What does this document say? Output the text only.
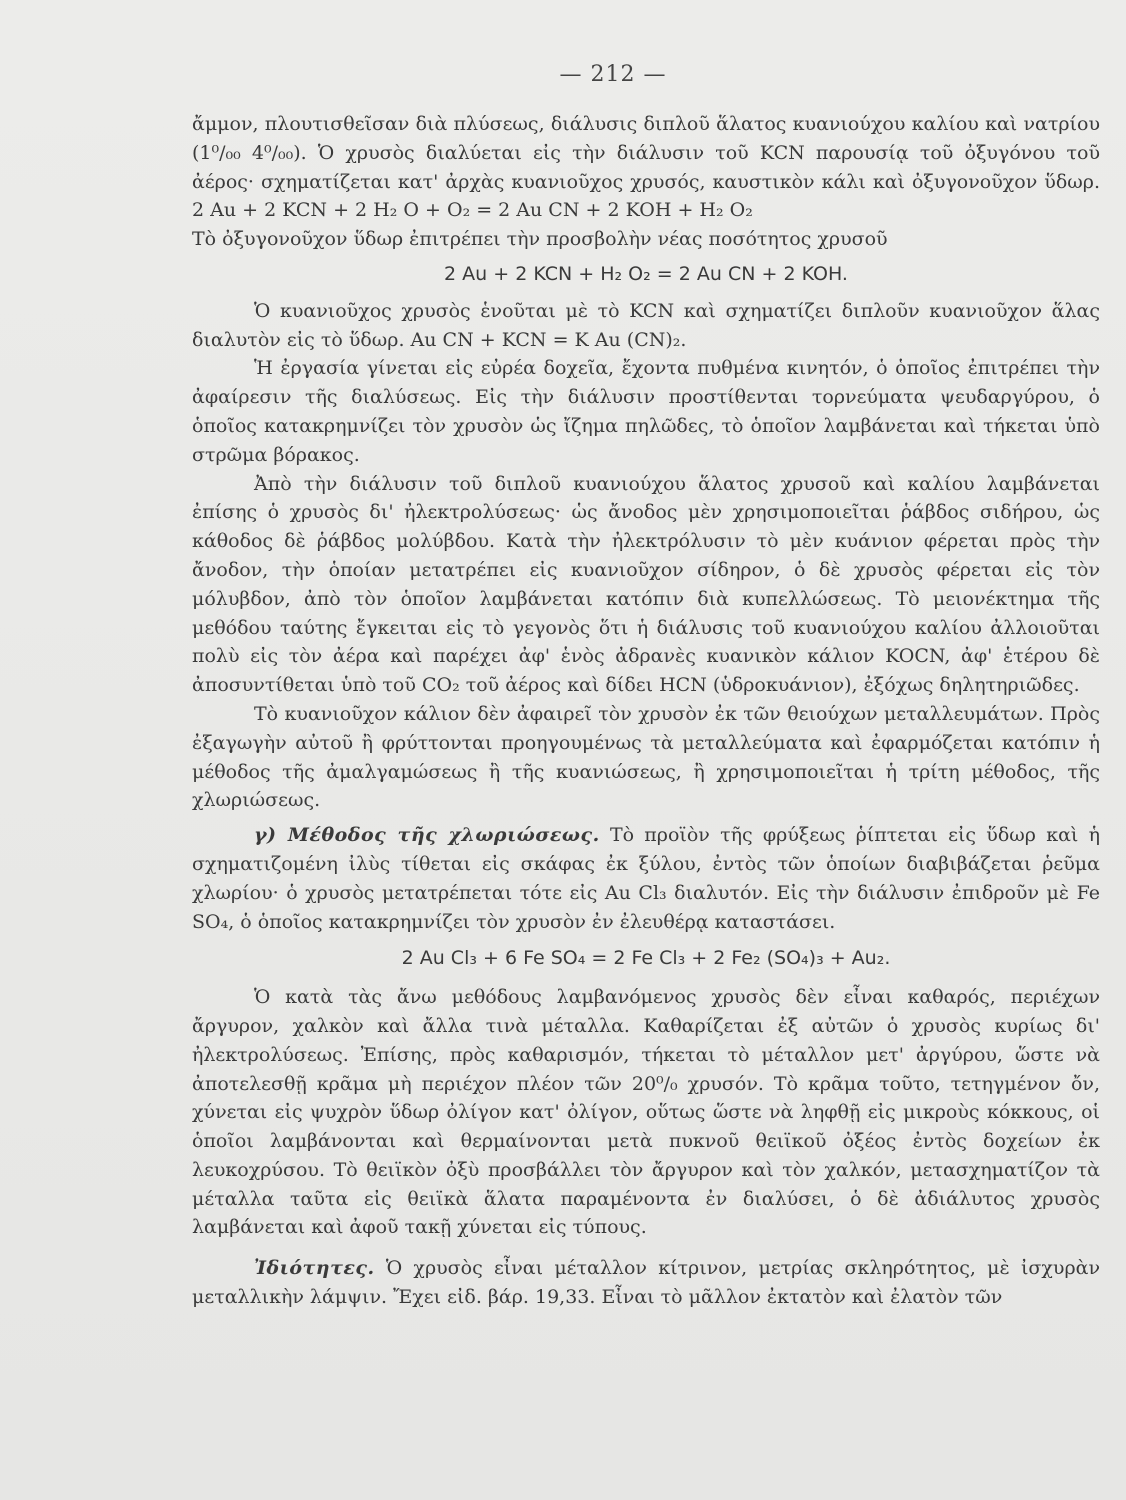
— 212 —

ἄμμον, πλουτισθεῖσαν διὰ πλύσεως, διάλυσις διπλοῦ ἅλατος κυανιούχου καλίου καὶ νατρίου (1⁰/₀₀ 4⁰/₀₀). Ὁ χρυσὸς διαλύεται εἰς τὴν διάλυσιν τοῦ KCN παρουσίᾳ τοῦ ὀξυγόνου τοῦ ἀέρος· σχηματίζεται κατ' ἀρχὰς κυανιοῦχος χρυσός, καυστικὸν κάλι καὶ ὀξυγονοῦχον ὕδωρ. 2 Au + 2 KCN + 2 H₂ O + O₂ = 2 Au CN + 2 KOH + H₂ O₂

Τὸ ὀξυγονοῦχον ὕδωρ ἐπιτρέπει τὴν προσβολὴν νέας ποσότητος χρυσοῦ

2 Au + 2 KCN + H₂ O₂ = 2 Au CN + 2 KOH.

Ὁ κυανιοῦχος χρυσὸς ἑνοῦται μὲ τὸ KCN καὶ σχηματίζει διπλοῦν κυανιοῦχον ἅλας διαλυτὸν εἰς τὸ ὕδωρ. Au CN + KCN = K Au (CN)₂.

Ἡ ἐργασία γίνεται εἰς εὐρέα δοχεῖα, ἔχοντα πυθμένα κινητόν, ὁ ὁποῖος ἐπιτρέπει τὴν ἀφαίρεσιν τῆς διαλύσεως. Εἰς τὴν διάλυσιν προστίθενται τορνεύματα ψευδαργύρου, ὁ ὁποῖος κατακρημνίζει τὸν χρυσὸν ὡς ἴζημα πηλῶδες, τὸ ὁποῖον λαμβάνεται καὶ τήκεται ὑπὸ στρῶμα βόρακος.

Ἀπὸ τὴν διάλυσιν τοῦ διπλοῦ κυανιούχου ἅλατος χρυσοῦ καὶ καλίου λαμβάνεται ἐπίσης ὁ χρυσὸς δι' ἠλεκτρολύσεως· ὡς ἄνοδος μὲν χρησιμοποιεῖται ῥάβδος σιδήρου, ὡς κάθοδος δὲ ῥάβδος μολύβδου. Κατὰ τὴν ἠλεκτρόλυσιν τὸ μὲν κυάνιον φέρεται πρὸς τὴν ἄνοδον, τὴν ὁποίαν μετατρέπει εἰς κυανιοῦχον σίδηρον, ὁ δὲ χρυσὸς φέρεται εἰς τὸν μόλυβδον, ἀπὸ τὸν ὁποῖον λαμβάνεται κατόπιν διὰ κυπελλώσεως. Τὸ μειονέκτημα τῆς μεθόδου ταύτης ἔγκειται εἰς τὸ γεγονὸς ὅτι ἡ διάλυσις τοῦ κυανιούχου καλίου ἀλλοιοῦται πολὺ εἰς τὸν ἀέρα καὶ παρέχει ἀφ' ἑνὸς ἀδρανὲς κυανικὸν κάλιον KOCN, ἀφ' ἑτέρου δὲ ἀποσυντίθεται ὑπὸ τοῦ CO₂ τοῦ ἀέρος καὶ δίδει HCN (ὑδροκυάνιον), ἐξόχως δηλητηριῶδες.

Τὸ κυανιοῦχον κάλιον δὲν ἀφαιρεῖ τὸν χρυσὸν ἐκ τῶν θειούχων μεταλλευμάτων. Πρὸς ἐξαγωγὴν αὐτοῦ ἢ φρύττονται προηγουμένως τὰ μεταλλεύματα καὶ ἐφαρμόζεται κατόπιν ἡ μέθοδος τῆς ἀμαλγαμώσεως ἢ τῆς κυανιώσεως, ἢ χρησιμοποιεῖται ἡ τρίτη μέθοδος, τῆς χλωριώσεως.

γ) Μέθοδος τῆς χλωριώσεως. Τὸ προϊὸν τῆς φρύξεως ῥίπτεται εἰς ὕδωρ καὶ ἡ σχηματιζομένη ἰλὺς τίθεται εἰς σκάφας ἐκ ξύλου, ἐντὸς τῶν ὁποίων διαβιβάζεται ῥεῦμα χλωρίου· ὁ χρυσὸς μετατρέπεται τότε εἰς Au Cl₃ διαλυτόν. Εἰς τὴν διάλυσιν ἐπιδροῦν μὲ Fe SO₄, ὁ ὁποῖος κατακρημνίζει τὸν χρυσὸν ἐν ἐλευθέρᾳ καταστάσει.

2 Au Cl₃ + 6 Fe SO₄ = 2 Fe Cl₃ + 2 Fe₂ (SO₄)₃ + Au₂.

Ὁ κατὰ τὰς ἄνω μεθόδους λαμβανόμενος χρυσὸς δὲν εἶναι καθαρός, περιέχων ἄργυρον, χαλκὸν καὶ ἄλλα τινὰ μέταλλα. Καθαρίζεται ἐξ αὐτῶν ὁ χρυσὸς κυρίως δι' ἠλεκτρολύσεως. Ἐπίσης, πρὸς καθαρισμόν, τήκεται τὸ μέταλλον μετ' ἀργύρου, ὥστε νὰ ἀποτελεσθῇ κρᾶμα μὴ περιέχον πλέον τῶν 20⁰/₀ χρυσόν. Τὸ κρᾶμα τοῦτο, τετηγμένον ὄν, χύνεται εἰς ψυχρὸν ὕδωρ ὀλίγον κατ' ὀλίγον, οὕτως ὥστε νὰ ληφθῇ εἰς μικροὺς κόκκους, οἱ ὁποῖοι λαμβάνονται καὶ θερμαίνονται μετὰ πυκνοῦ θειϊκοῦ ὀξέος ἐντὸς δοχείων ἐκ λευκοχρύσου. Τὸ θειϊκὸν ὀξὺ προσβάλλει τὸν ἄργυρον καὶ τὸν χαλκόν, μετασχηματίζον τὰ μέταλλα ταῦτα εἰς θειϊκὰ ἅλατα παραμένοντα ἐν διαλύσει, ὁ δὲ ἀδιάλυτος χρυσὸς λαμβάνεται καὶ ἀφοῦ τακῇ χύνεται εἰς τύπους.

Ἰδιότητες. Ὁ χρυσὸς εἶναι μέταλλον κίτρινον, μετρίας σκληρότητος, μὲ ἰσχυρὰν μεταλλικὴν λάμψιν. Ἔχει εἰδ. βάρ. 19,33. Εἶναι τὸ μᾶλλον ἐκτατὸν καὶ ἐλατὸν τῶν
